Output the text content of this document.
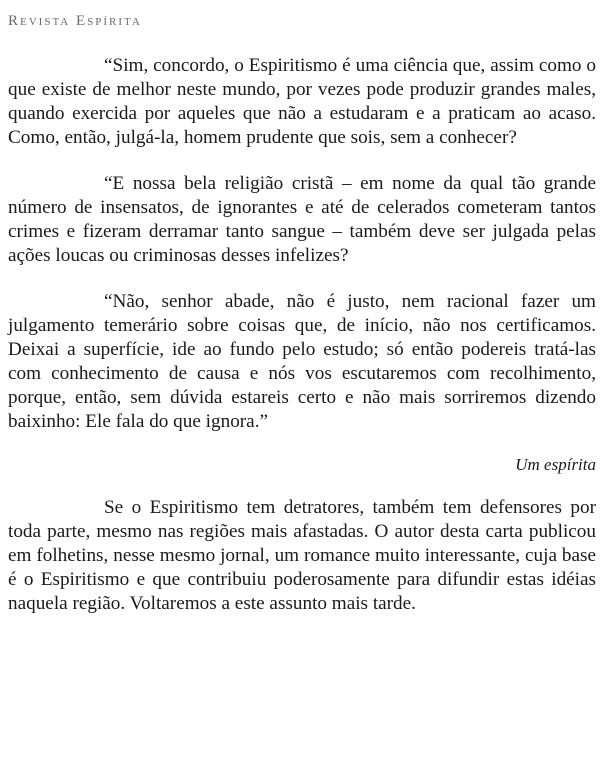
Revista Espírita

“Sim, concordo, o Espiritismo é uma ciência que, assim como o que existe de melhor neste mundo, por vezes pode produzir grandes males, quando exercida por aqueles que não a estudaram e a praticam ao acaso. Como, então, julgá-la, homem prudente que sois, sem a conhecer?

“E nossa bela religião cristã – em nome da qual tão grande número de insensatos, de ignorantes e até de celerados cometeram tantos crimes e fizeram derramar tanto sangue – também deve ser julgada pelas ações loucas ou criminosas desses infelizes?

“Não, senhor abade, não é justo, nem racional fazer um julgamento temerário sobre coisas que, de início, não nos certificamos. Deixai a superfície, ide ao fundo pelo estudo; só então podereis tratá-las com conhecimento de causa e nós vos escutaremos com recolhimento, porque, então, sem dúvida estareis certo e não mais sorriremos dizendo baixinho: Ele fala do que ignora.”

Um espírita

Se o Espiritismo tem detratores, também tem defensores por toda parte, mesmo nas regiões mais afastadas. O autor desta carta publicou em folhetins, nesse mesmo jornal, um romance muito interessante, cuja base é o Espiritismo e que contribuiu poderosamente para difundir estas idéias naquela região. Voltaremos a este assunto mais tarde.
